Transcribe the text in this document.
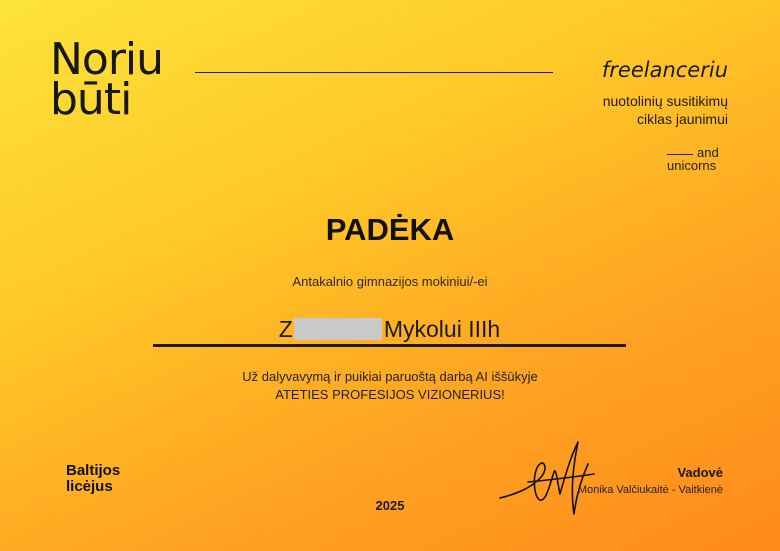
Noriu
būti
freelanceriu
nuotolinių susitikimų
ciklas jaunimui
and
unicorns
PADĖKA
Antakalnio gimnazijos mokiniui/-ei
Z	Mykolui IIIh
Už dalyvavymą ir puikiai paruoštą darbą AI iššūkyje
ATETIES PROFESIJOS VIZIONERIUS!
Baltijos
licėjus
2025
Vadovė
Monika Valčiukaitė - Vaitkienė
